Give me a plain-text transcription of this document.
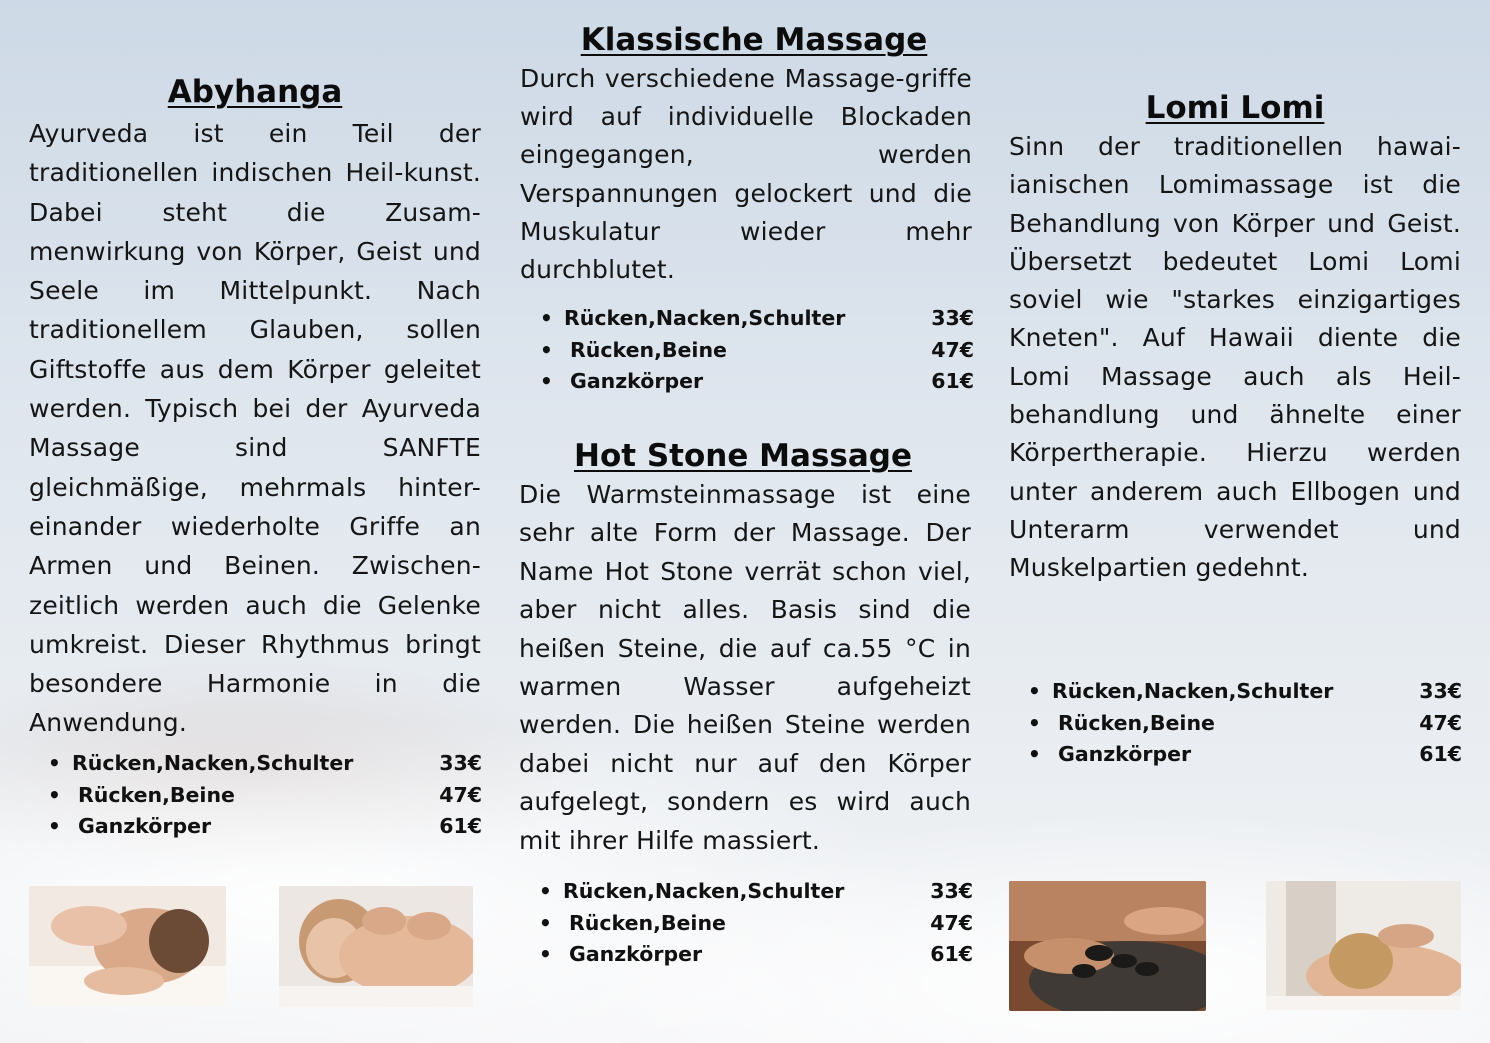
Abyhanga

Ayurveda ist ein Teil der traditionellen indischen Heil-kunst. Dabei steht die Zusam-menwirkung von Körper, Geist und Seele im Mittelpunkt. Nach traditionellem Glauben, sollen Giftstoffe aus dem Körper geleitet werden. Typisch bei der Ayurveda Massage sind SANFTE gleichmäßige, mehrmals hinter-einander wiederholte Griffe an Armen und Beinen. Zwischen-zeitlich werden auch die Gelenke umkreist. Dieser Rhythmus bringt besondere Harmonie in die Anwendung.

• Rücken,Nacken,Schulter	33€
• Rücken,Beine	47€
• Ganzkörper	61€
Klassische Massage

Durch verschiedene Massage-griffe wird auf individuelle Blockaden eingegangen, werden Verspannungen gelockert und die Muskulatur wieder mehr durchblutet.

• Rücken,Nacken,Schulter	33€
• Rücken,Beine	47€
• Ganzkörper	61€
Hot Stone Massage

Die Warmsteinmassage ist eine sehr alte Form der Massage. Der Name Hot Stone verrät schon viel, aber nicht alles. Basis sind die heißen Steine, die auf ca.55 °C in warmen Wasser aufgeheizt werden. Die heißen Steine werden dabei nicht nur auf den Körper aufgelegt, sondern es wird auch mit ihrer Hilfe massiert.

• Rücken,Nacken,Schulter	33€
• Rücken,Beine	47€
• Ganzkörper	61€
Lomi Lomi

Sinn der traditionellen hawai-ianischen Lomimassage ist die Behandlung von Körper und Geist. Übersetzt bedeutet Lomi Lomi soviel wie "starkes einzigartiges Kneten". Auf Hawaii diente die Lomi Massage auch als Heil-behandlung und ähnelte einer Körpertherapie. Hierzu werden unter anderem auch Ellbogen und Unterarm verwendet und Muskelpartien gedehnt.

• Rücken,Nacken,Schulter	33€
• Rücken,Beine	47€
• Ganzkörper	61€
